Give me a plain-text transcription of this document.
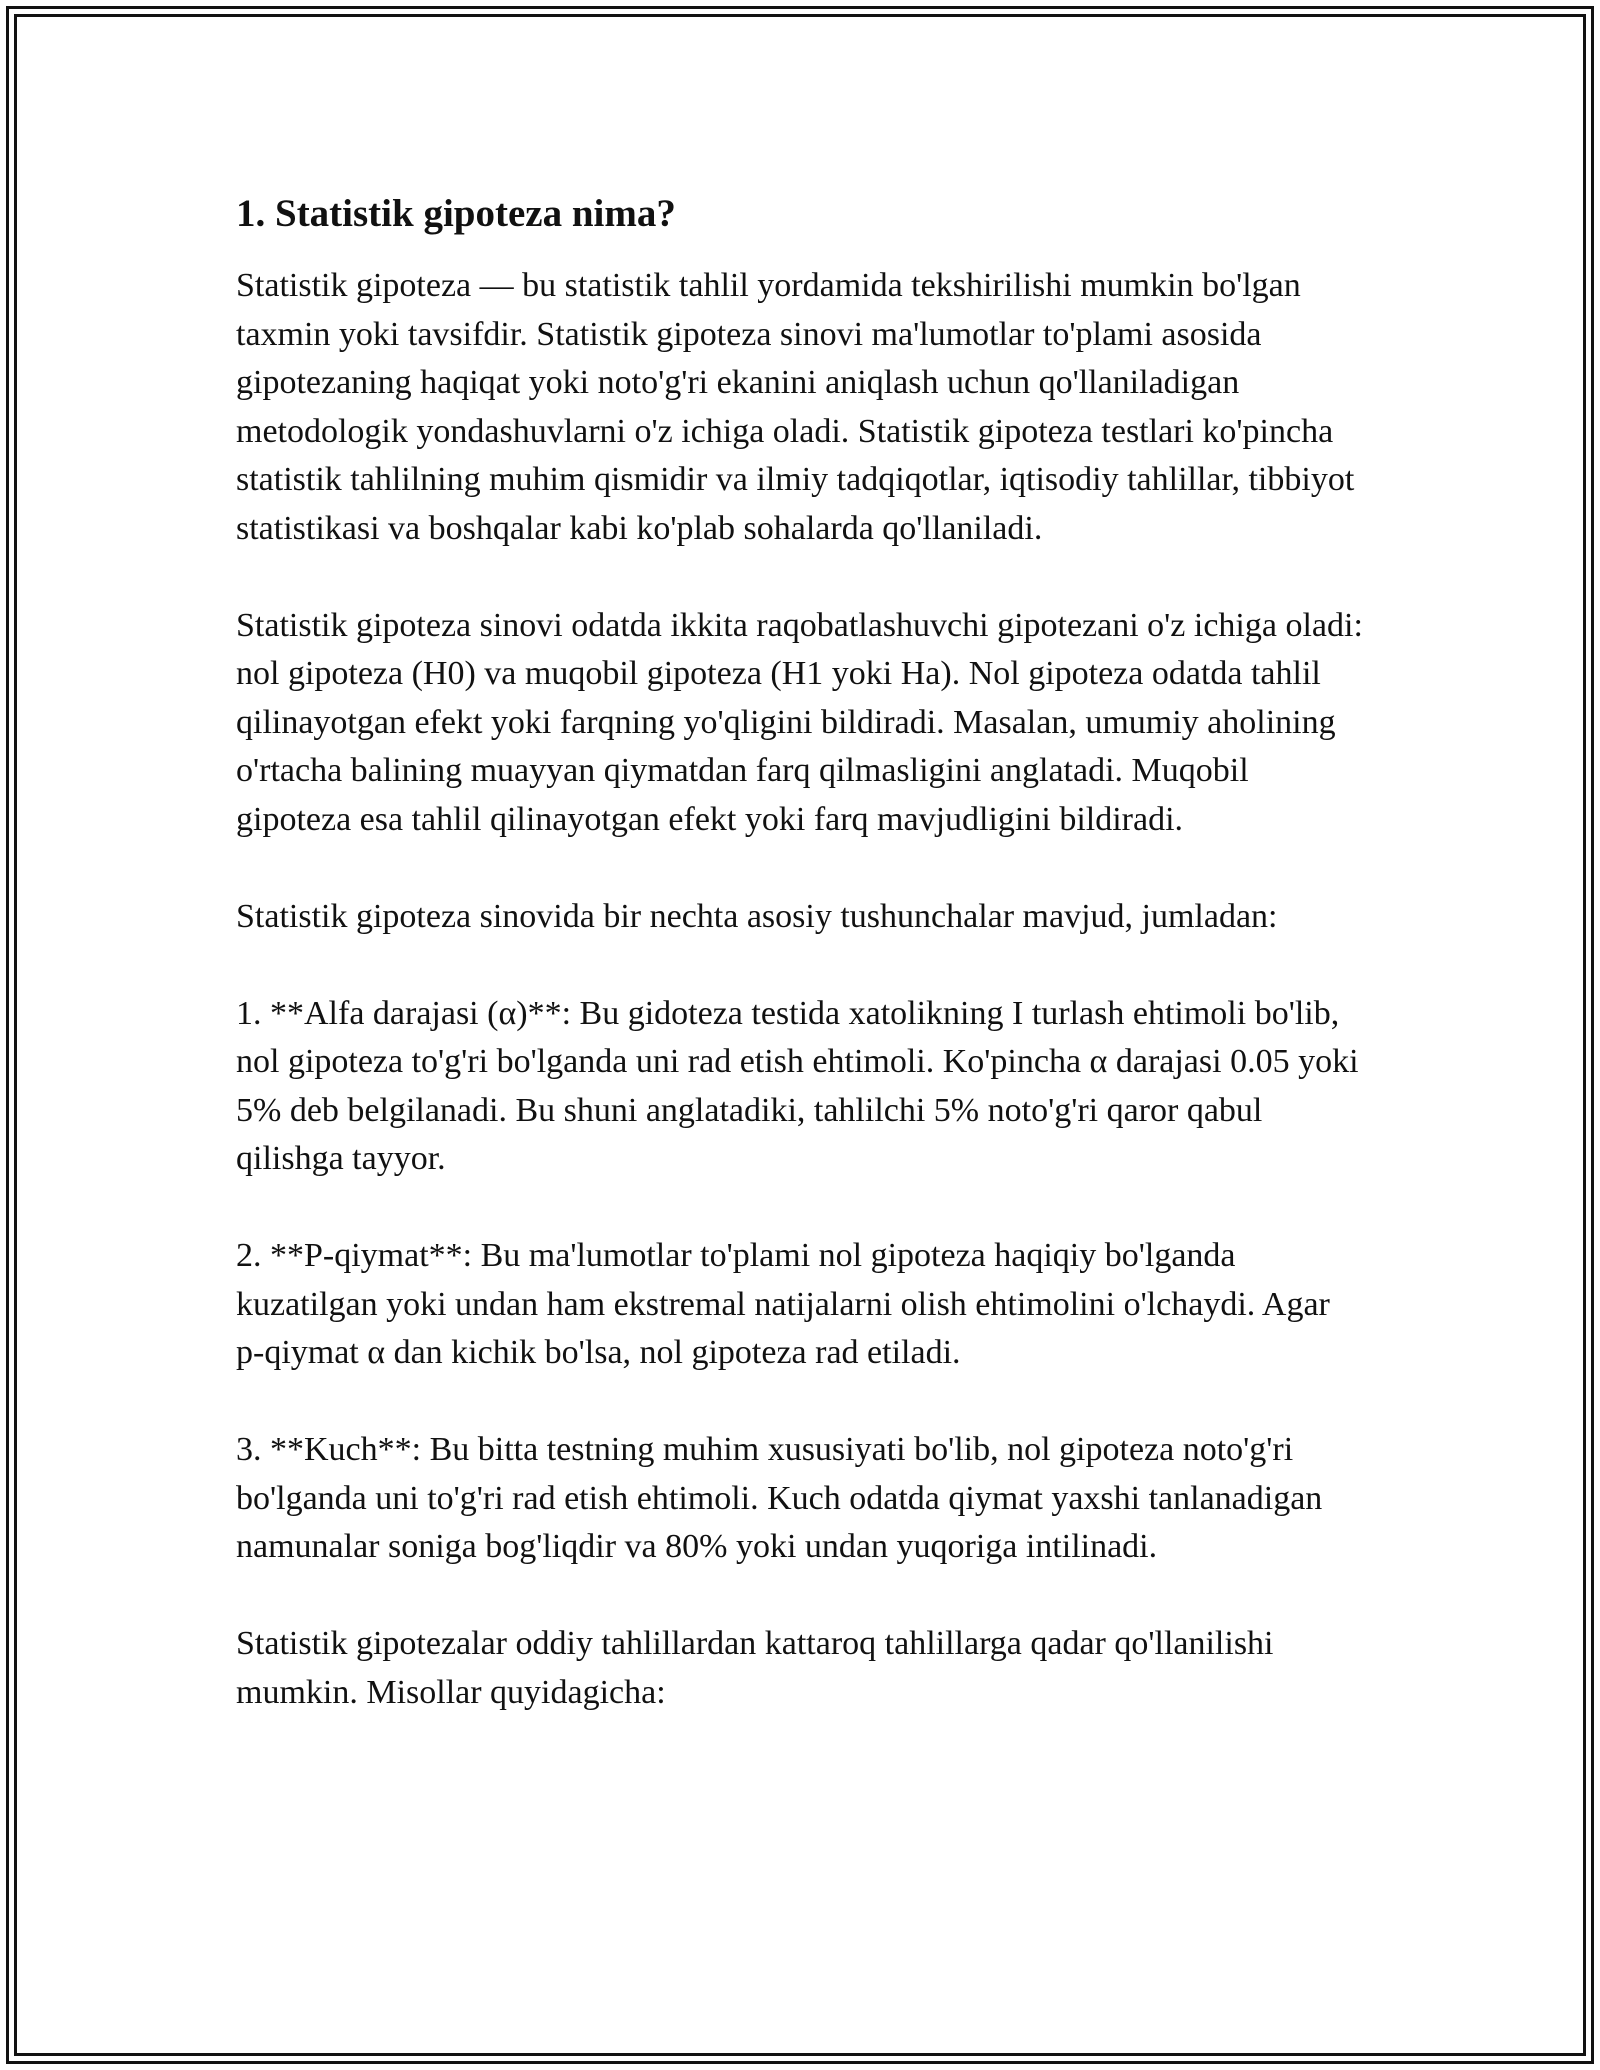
1. Statistik gipoteza nima?

Statistik gipoteza — bu statistik tahlil yordamida tekshirilishi mumkin bo'lgan taxmin yoki tavsifdir. Statistik gipoteza sinovi ma'lumotlar to'plami asosida gipotezaning haqiqat yoki noto'g'ri ekanini aniqlash uchun qo'llaniladigan metodologik yondashuvlarni o'z ichiga oladi. Statistik gipoteza testlari ko'pincha statistik tahlilning muhim qismidir va ilmiy tadqiqotlar, iqtisodiy tahlillar, tibbiyot statistikasi va boshqalar kabi ko'plab sohalarda qo'llaniladi.

Statistik gipoteza sinovi odatda ikkita raqobatlashuvchi gipotezani o'z ichiga oladi: nol gipoteza (H0) va muqobil gipoteza (H1 yoki Ha). Nol gipoteza odatda tahlil qilinayotgan efekt yoki farqning yo'qligini bildiradi. Masalan, umumiy aholining o'rtacha balining muayyan qiymatdan farq qilmasligini anglatadi. Muqobil gipoteza esa tahlil qilinayotgan efekt yoki farq mavjudligini bildiradi.

Statistik gipoteza sinovida bir nechta asosiy tushunchalar mavjud, jumladan:

1. **Alfa darajasi (α)**: Bu gidoteza testida xatolikning I turlash ehtimoli bo'lib, nol gipoteza to'g'ri bo'lganda uni rad etish ehtimoli. Ko'pincha α darajasi 0.05 yoki 5% deb belgilanadi. Bu shuni anglatadiki, tahlilchi 5% noto'g'ri qaror qabul qilishga tayyor.

2. **P-qiymat**: Bu ma'lumotlar to'plami nol gipoteza haqiqiy bo'lganda kuzatilgan yoki undan ham ekstremal natijalarni olish ehtimolini o'lchaydi. Agar p-qiymat α dan kichik bo'lsa, nol gipoteza rad etiladi.

3. **Kuch**: Bu bitta testning muhim xususiyati bo'lib, nol gipoteza noto'g'ri bo'lganda uni to'g'ri rad etish ehtimoli. Kuch odatda qiymat yaxshi tanlanadigan namunalar soniga bog'liqdir va 80% yoki undan yuqoriga intilinadi.

Statistik gipotezalar oddiy tahlillardan kattaroq tahlillarga qadar qo'llanilishi mumkin. Misollar quyidagicha:
